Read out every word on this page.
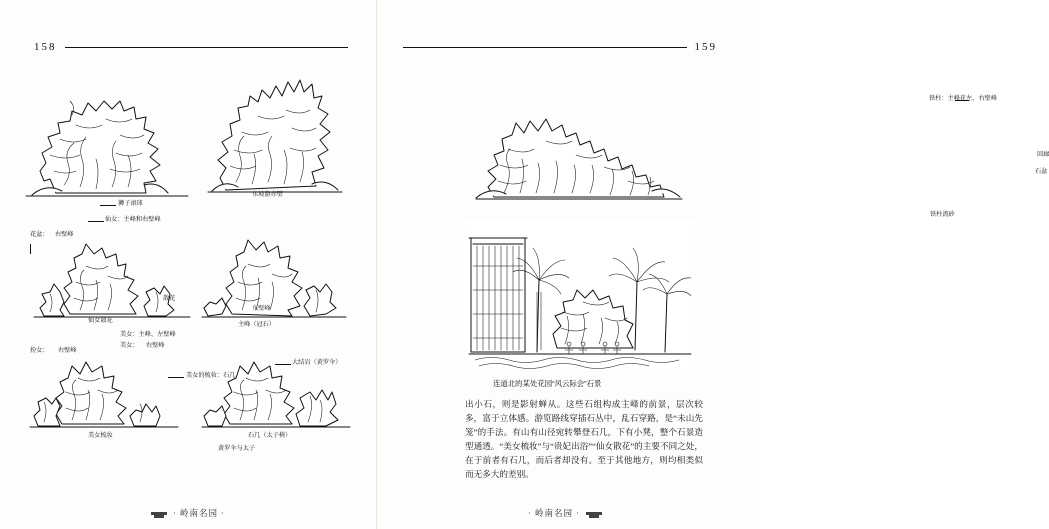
158
狮子滚球
仙女：主峰和右壁峰
东坡游赤壁
花盆： 右壁峰
仙女散花
散花
东壁峰
主峰（冠石）
美女：主峰、左壁峰
扮女： 右壁峰
美女： 右壁峰
美女梳妆
大结岩（黄罗伞）
美女的梳妆：石几
石几（太子椅）
黄罗伞与太子
· 岭南名园 ·
159
铁柱：主峰花左、右壁峰
回廊
石盆
铁柱流砂
连道北的某处花园“风云际会”石景
出小石，则是影射蝉从。这些石组构成主峰的前景，层次较多，富于立体感。游览路线穿插石丛中，乱石穿路，是“未山先笼”的手法。有山有山径宛转攀登石几，下有小凳，整个石景造型通透。“美女梳妆”与“贵妃出浴”“仙女散花”的主要不同之处，在于前者有石几，而后者却没有。至于其他地方，则均相类似而无多大的差别。
· 岭南名园 ·
